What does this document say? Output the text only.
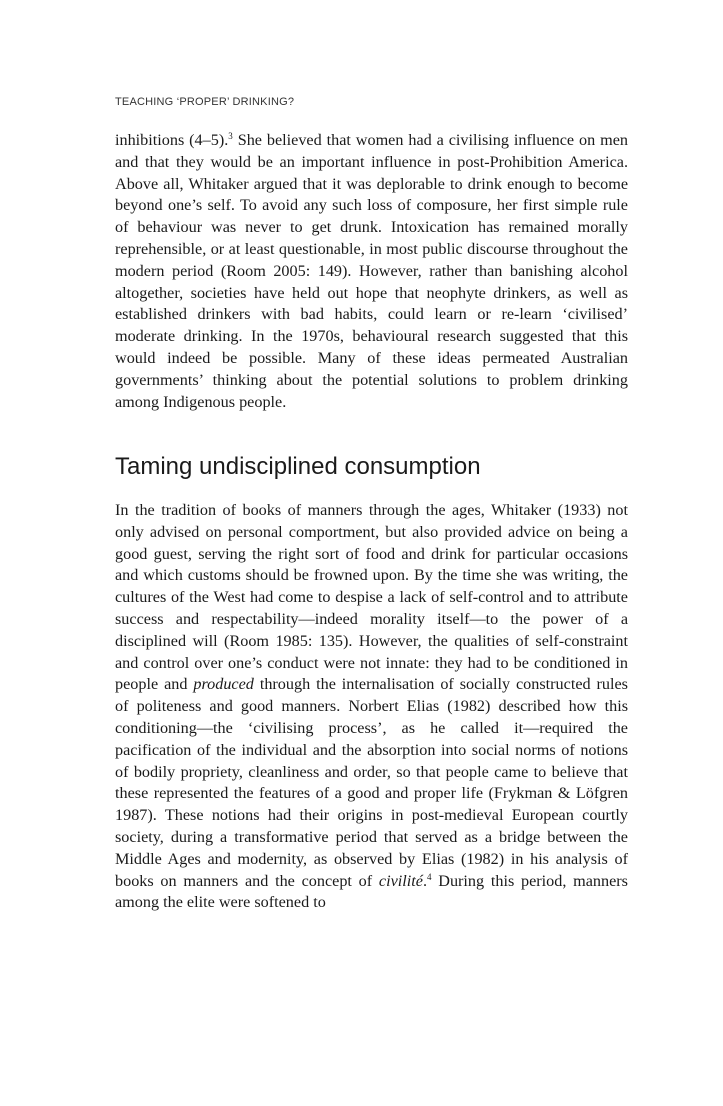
TEACHING ‘PROPER’ DRINKING?

inhibitions (4–5).$^3$ She believed that women had a civilising influence on men and that they would be an important influence in post-Prohibition America. Above all, Whitaker argued that it was deplorable to drink enough to become beyond one’s self. To avoid any such loss of composure, her first simple rule of behaviour was never to get drunk. Intoxication has remained morally reprehensible, or at least questionable, in most public discourse throughout the modern period (Room 2005: 149). However, rather than banishing alcohol altogether, societies have held out hope that neophyte drinkers, as well as established drinkers with bad habits, could learn or re-learn ‘civilised’ moderate drinking. In the 1970s, behavioural research suggested that this would indeed be possible. Many of these ideas permeated Australian governments’ thinking about the potential solutions to problem drinking among Indigenous people.

Taming undisciplined consumption

In the tradition of books of manners through the ages, Whitaker (1933) not only advised on personal comportment, but also provided advice on being a good guest, serving the right sort of food and drink for particular occasions and which customs should be frowned upon. By the time she was writing, the cultures of the West had come to despise a lack of self-control and to attribute success and respectability—indeed morality itself—to the power of a disciplined will (Room 1985: 135). However, the qualities of self-constraint and control over one’s conduct were not innate: they had to be conditioned in people and produced through the internalisation of socially constructed rules of politeness and good manners. Norbert Elias (1982) described how this conditioning—the ‘civilising process’, as he called it—required the pacification of the individual and the absorption into social norms of notions of bodily propriety, cleanliness and order, so that people came to believe that these represented the features of a good and proper life (Frykman & Löfgren 1987). These notions had their origins in post-medieval European courtly society, during a transformative period that served as a bridge between the Middle Ages and modernity, as observed by Elias (1982) in his analysis of books on manners and the concept of civilité.$^4$ During this period, manners among the elite were softened to
